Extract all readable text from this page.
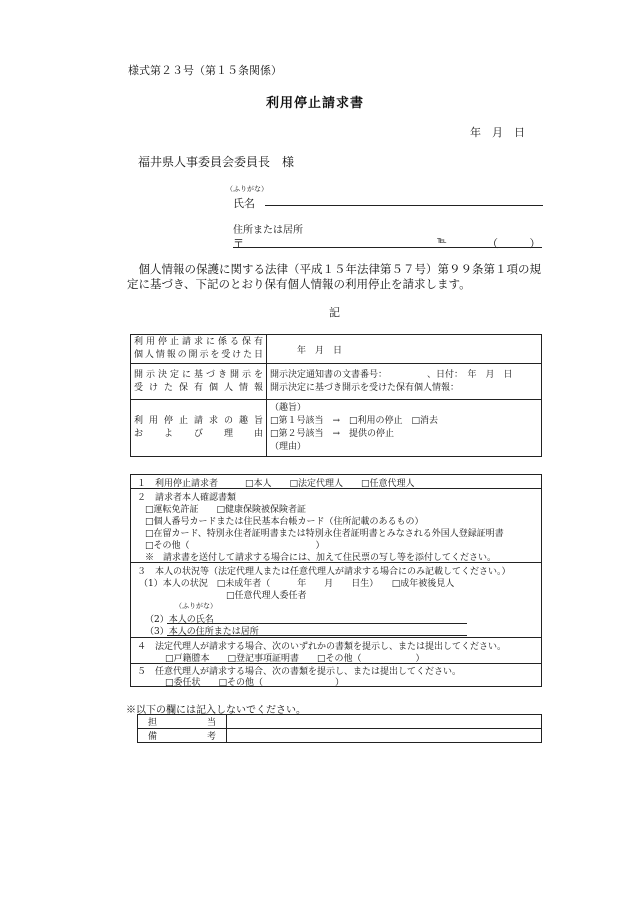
様式第２３号（第１５条関係）
利用停止請求書
年　月　日
福井県人事委員会委員長　様
（ふりがな）
氏名
住所または居所
〒	℡	（ ）
個人情報の保護に関する法律（平成１５年法律第５７号）第９９条第１項の規定に基づき、下記のとおり保有個人情報の利用停止を請求します。
記
利用停止請求に係る保有
個人情報の開示を受けた日	年　月　日

開示決定に基づき開示を
受けた保有個人情報	開示決定通知書の文書番号： 、日付：　年　月　日
開示決定に基づき開示を受けた保有個人情報：

利用停止請求の趣旨
および理由	（趣旨）
□第１号該当　→　□利用の停止　□消去
□第２号該当　→　提供の停止
（理由）
１　利用停止請求者　　　□本人　　□法定代理人　　□任意代理人
２　請求者本人確認書類
□運転免許証　　□健康保険被保険者証
□個人番号カードまたは住民基本台帳カード（住所記載のあるもの）
□在留カード、特別永住者証明書または特別永住者証明書とみなされる外国人登録証明書
□その他（　　　　　　　　　　　　　　）
※　請求書を送付して請求する場合には、加えて住民票の写し等を添付してください。
３　本人の状況等（法定代理人または任意代理人が請求する場合にのみ記載してください。）
（1）本人の状況　□未成年者（　　　年　　月　　日生）　　□成年被後見人
□任意代理人委任者
（ふりがな）
（2）本人の氏名
（3）本人の住所または居所
４　法定代理人が請求する場合、次のいずれかの書類を提示し、または提出してください。
□戸籍謄本　　□登記事項証明書　　□その他（　　　　　　）
５　任意代理人が請求する場合、次の書類を提示し、または提出してください。
□委任状　　□その他（　　　　　　　　）
※以下の欄には記入しないでください。
担当	
備考	
